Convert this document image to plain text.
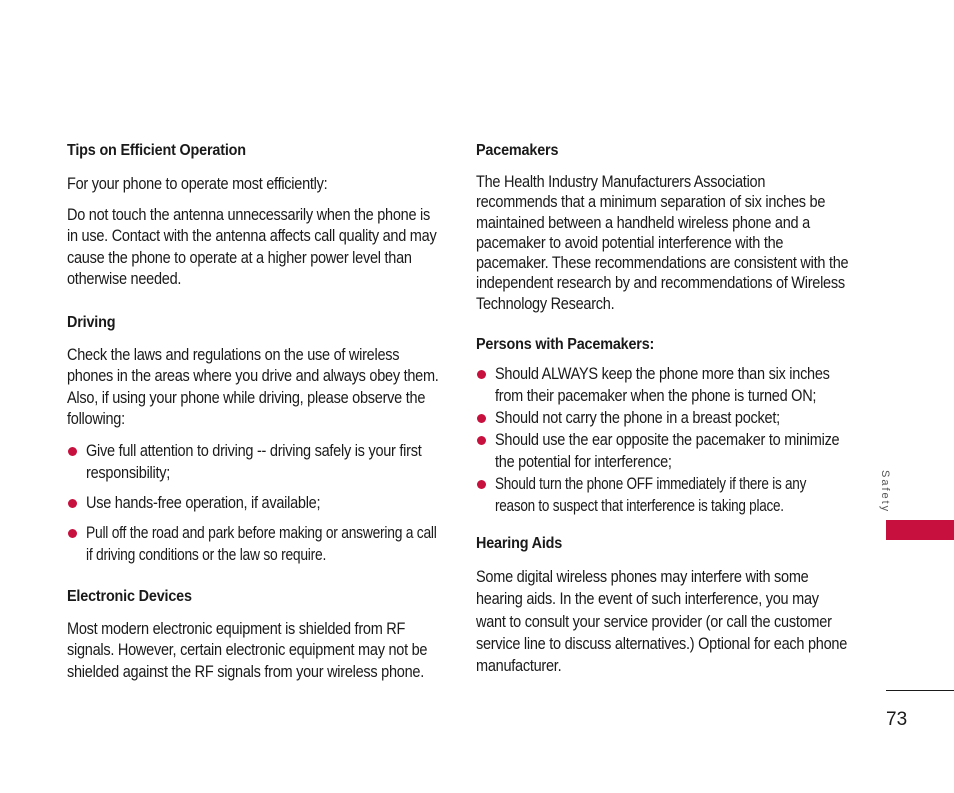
Tips on Efficient Operation

For your phone to operate most efficiently:

Do not touch the antenna unnecessarily when the phone is in use. Contact with the antenna affects call quality and may cause the phone to operate at a higher power level than otherwise needed.

Driving

Check the laws and regulations on the use of wireless phones in the areas where you drive and always obey them. Also, if using your phone while driving, please observe the following:

Give full attention to driving -- driving safely is your first responsibility;
Use hands-free operation, if available;
Pull off the road and park before making or answering a call if driving conditions or the law so require.
Electronic Devices

Most modern electronic equipment is shielded from RF signals. However, certain electronic equipment may not be shielded against the RF signals from your wireless phone.

Pacemakers

The Health Industry Manufacturers Association recommends that a minimum separation of six inches be maintained between a handheld wireless phone and a pacemaker to avoid potential interference with the pacemaker. These recommendations are consistent with the independent research by and recommendations of Wireless Technology Research.

Persons with Pacemakers:
Should ALWAYS keep the phone more than six inches from their pacemaker when the phone is turned ON;
Should not carry the phone in a breast pocket;
Should use the ear opposite the pacemaker to minimize the potential for interference;
Should turn the phone OFF immediately if there is any reason to suspect that interference is taking place.
Hearing Aids

Some digital wireless phones may interfere with some hearing aids. In the event of such interference, you may want to consult your service provider (or call the customer service line to discuss alternatives.) Optional for each phone manufacturer.

Safety
73
